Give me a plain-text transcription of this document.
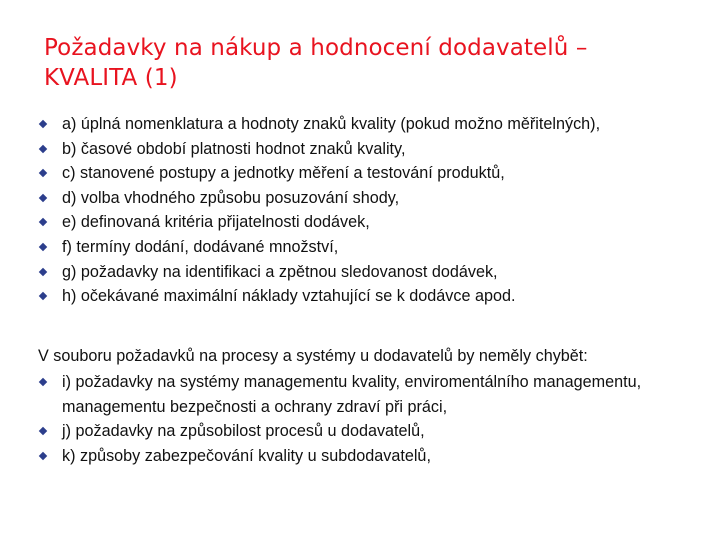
Požadavky na nákup a hodnocení dodavatelů – KVALITA (1)
a) úplná nomenklatura a hodnoty znaků kvality (pokud možno měřitelných),
b) časové období platnosti hodnot znaků kvality,
c) stanovené postupy a jednotky měření a testování produktů,
d) volba vhodného způsobu posuzování shody,
e) definovaná kritéria přijatelnosti dodávek,
f) termíny dodání, dodávané množství,
g) požadavky na identifikaci a zpětnou sledovanost dodávek,
h) očekávané maximální náklady vztahující se k dodávce apod.
V souboru požadavků na procesy a systémy u dodavatelů by neměly chybět:
i) požadavky na systémy managementu kvality, enviromentálního managementu, managementu bezpečnosti a ochrany zdraví při práci,
j) požadavky na způsobilost procesů u dodavatelů,
k) způsoby zabezpečování kvality u subdodavatelů,
